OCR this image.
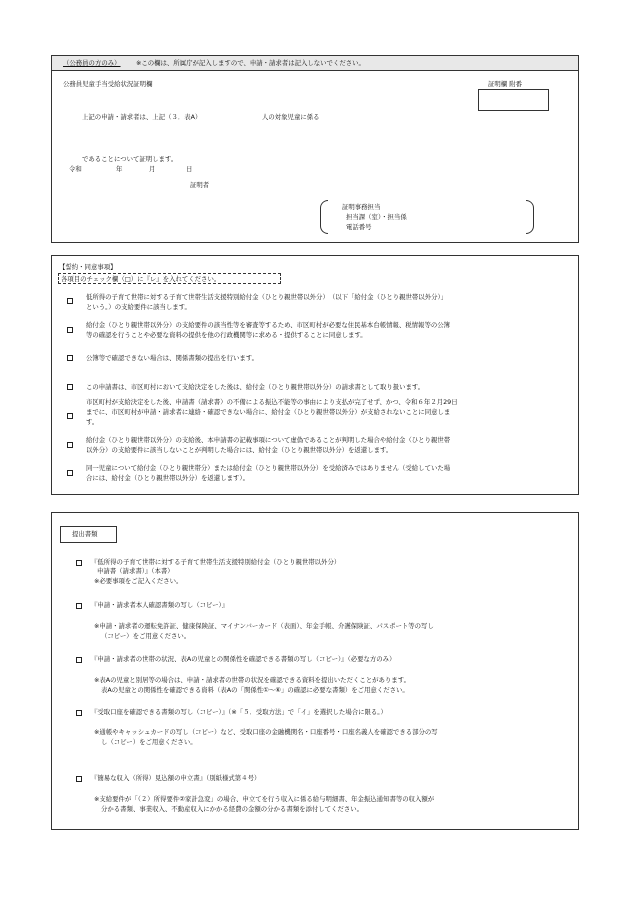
（公務員の方のみ） ※この欄は、所属庁が記入しますので、申請・請求者は記入しないでください。
公務員児童手当受給状況証明欄	証明欄 附番
上記の申請・請求者は、上記（３．表A）	人の対象児童に係る
であることについて証明します。
令和	年	月	日
証明者
証明事務担当
担当課（室）・担当係
電話番号
【誓約・同意事項】
各項目のチェック欄（□）に『レ』を入れてください。
低所得の子育て世帯に対する子育て世帯生活支援特別給付金（ひとり親世帯以外分）　（以下「給付金（ひとり親世帯以外分）」
という。）の支給要件に該当します。
給付金（ひとり親世帯以外分）の支給要件の該当性等を審査等するため、市区町村が必要な住民基本台帳情報、税情報等の公簿
等の確認を行うことや必要な資料の提供を他の行政機関等に求める・提供することに同意します。
公簿等で確認できない場合は、関係書類の提出を行います。
この申請書は、市区町村において支給決定をした後は、給付金（ひとり親世帯以外分）の請求書として取り扱います。
市区町村が支給決定をした後、申請書（請求書）の不備による振込不能等の事由により支払が完了せず、かつ、令和６年２月29日
までに、市区町村が申請・請求者に連絡・確認できない場合に、給付金（ひとり親世帯以外分）が支給されないことに同意しま
す。
給付金（ひとり親世帯以外分）の支給後、本申請書の記載事項について虚偽であることが判明した場合や給付金（ひとり親世帯
以外分）の支給要件に該当しないことが判明した場合には、給付金（ひとり親世帯以外分）を返還します。
同一児童について給付金（ひとり親世帯分）または給付金（ひとり親世帯以外分）を受給済みではありません（受給していた場
合には、給付金（ひとり親世帯以外分）を返還します）。
提出書類
『低所得の子育て世帯に対する子育て世帯生活支援特別給付金（ひとり親世帯以外分）
申請書（請求書）』（本書）
※必要事項をご記入ください。
『申請・請求者本人確認書類の写し（コピー）』
※申請・請求者の運転免許証、健康保険証、マイナンバーカード（表面）、年金手帳、介護保険証、パスポート等の写し
（コピー）をご用意ください。
『申請・請求者の世帯の状況、表Aの児童との関係性を確認できる書類の写し（コピー）』（必要な方のみ）
※表Aの児童と別居等の場合は、申請・請求者の世帯の状況を確認できる資料を提出いただくことがあります。
表Aの児童との関係性を確認できる資料（表Aの「関係性①～⑥」の確認に必要な書類）をご用意ください。
『受取口座を確認できる書類の写し（コピー）』（※「５．受取方法」で「イ」を選択した場合に限る。）
※通帳やキャッシュカードの写し（コピー）など、受取口座の金融機関名・口座番号・口座名義人を確認できる部分の写
し（コピー）をご用意ください。
『簡易な収入（所得）見込額の申立書』（別紙様式第４号）
※支給要件が「（２）所得要件②家計急変」の場合、申立てを行う収入に係る給与明細書、年金振込通知書等の収入額が
分かる書類、事業収入、不動産収入にかかる経費の金額の分かる書類を添付してください。
